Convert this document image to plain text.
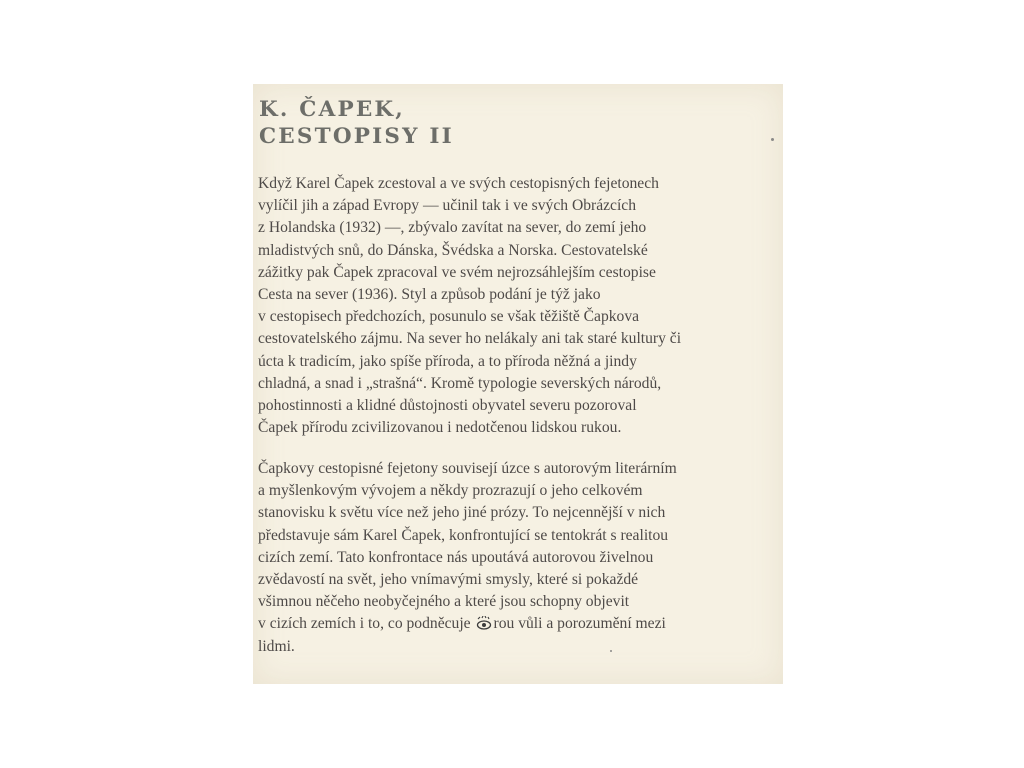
K. ČAPEK,
CESTOPISY II

Když Karel Čapek zcestoval a ve svých cestopisných fejetonech
vylíčil jih a západ Evropy — učinil tak i ve svých Obrázcích
z Holandska (1932) —, zbývalo zavítat na sever, do zemí jeho
mladistvých snů, do Dánska, Švédska a Norska. Cestovatelské
zážitky pak Čapek zpracoval ve svém nejrozsáhlejším cestopise
Cesta na sever (1936). Styl a způsob podání je týž jako
v cestopisech předchozích, posunulo se však těžiště Čapkova
cestovatelského zájmu. Na sever ho nelákaly ani tak staré kultury či
úcta k tradicím, jako spíše příroda, a to příroda něžná a jindy
chladná, a snad i „strašná“. Kromě typologie severských národů,
pohostinnosti a klidné důstojnosti obyvatel severu pozoroval
Čapek přírodu zcivilizovanou i nedotčenou lidskou rukou.

Čapkovy cestopisné fejetony souvisejí úzce s autorovým literárním
a myšlenkovým vývojem a někdy prozrazují o jeho celkovém
stanovisku k světu více než jeho jiné prózy. To nejcennější v nich
představuje sám Karel Čapek, konfrontující se tentokrát s realitou
cizích zemí. Tato konfrontace nás upoutává autorovou živelnou
zvědavostí na svět, jeho vnímavými smysly, které si pokaždé
všimnou něčeho neobyčejného a které jsou schopny objevit
v cizích zemích i to, co podněcuje rou vůli a porozumění mezi
lidmi.
